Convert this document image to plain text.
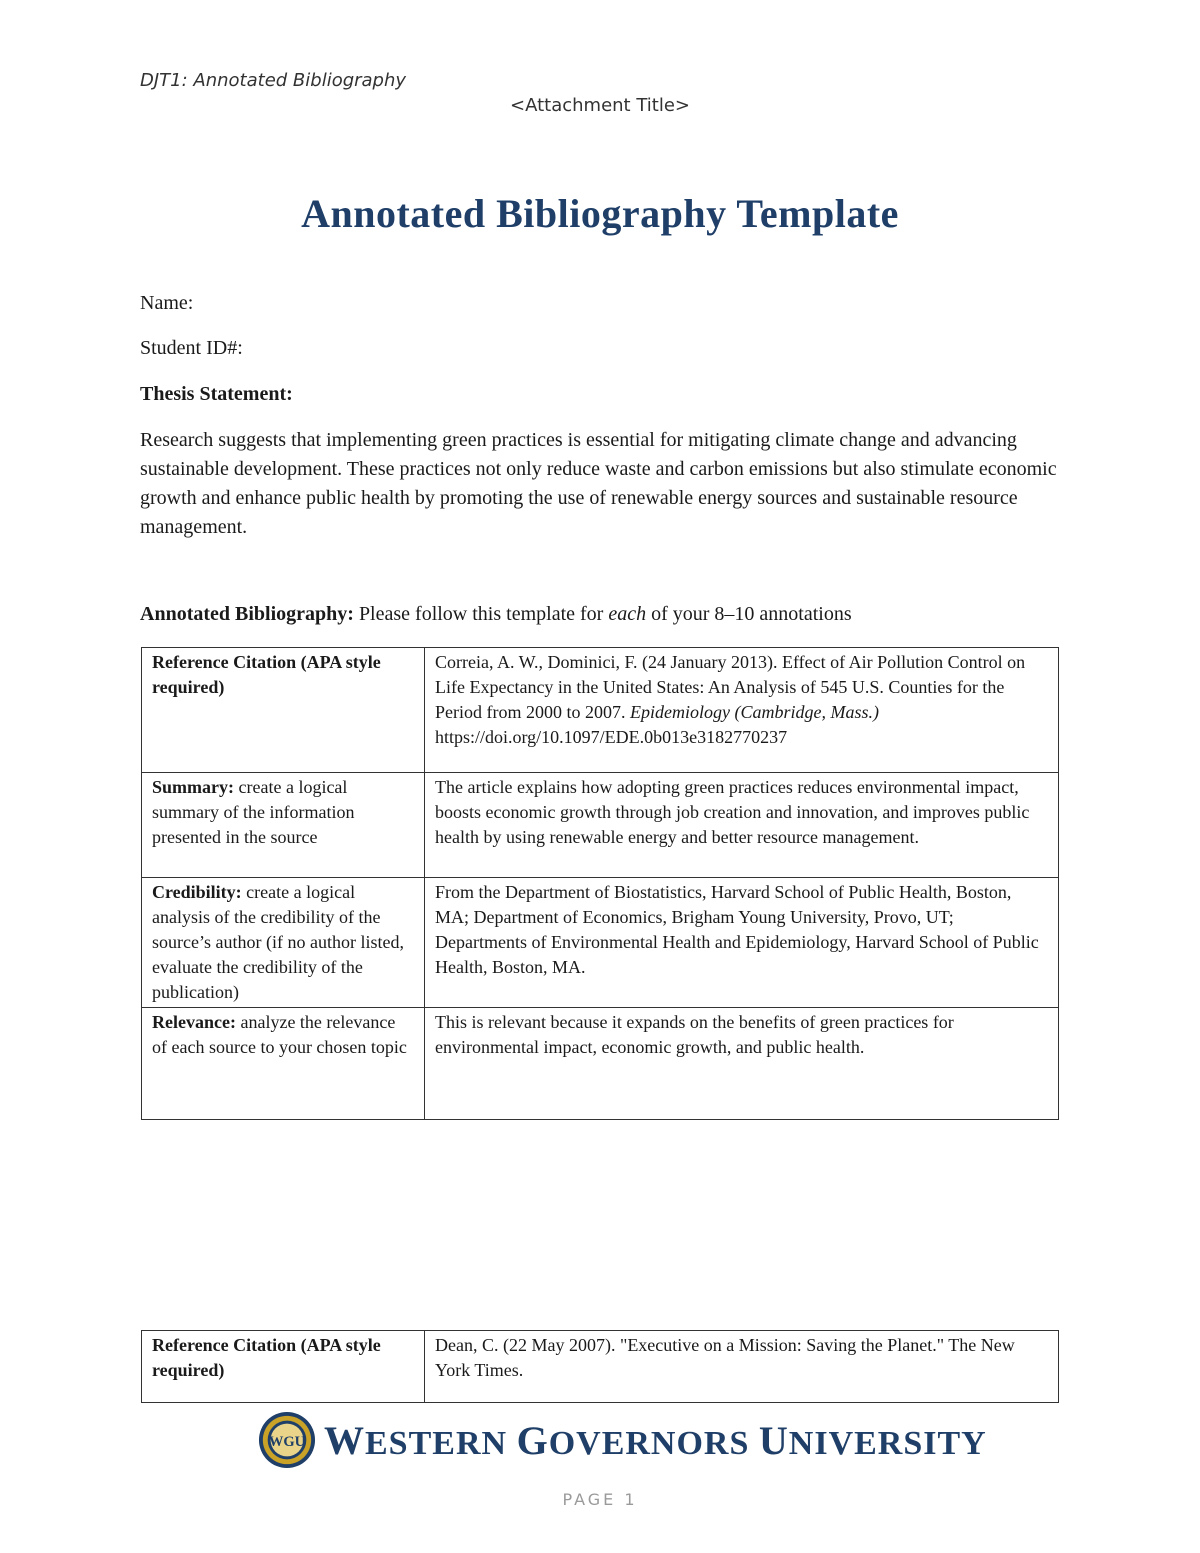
DJT1: Annotated Bibliography
<Attachment Title>
Annotated Bibliography Template
Name:
Student ID#:
Thesis Statement:
Research suggests that implementing green practices is essential for mitigating climate change and advancing sustainable development. These practices not only reduce waste and carbon emissions but also stimulate economic growth and enhance public health by promoting the use of renewable energy sources and sustainable resource management.
Annotated Bibliography: Please follow this template for each of your 8–10 annotations
Reference Citation (APA style required)	Correia, A. W., Dominici, F. (24 January 2013). Effect of Air Pollution Control on Life Expectancy in the United States: An Analysis of 545 U.S. Counties for the Period from 2000 to 2007. Epidemiology (Cambridge, Mass.) https://doi.org/10.1097/EDE.0b013e3182770237
Summary: create a logical summary of the information presented in the source	The article explains how adopting green practices reduces environmental impact, boosts economic growth through job creation and innovation, and improves public health by using renewable energy and better resource management.
Credibility: create a logical analysis of the credibility of the source’s author (if no author listed, evaluate the credibility of the publication)	From the Department of Biostatistics, Harvard School of Public Health, Boston, MA; Department of Economics, Brigham Young University, Provo, UT; Departments of Environmental Health and Epidemiology, Harvard School of Public Health, Boston, MA.
Relevance: analyze the relevance of each source to your chosen topic	This is relevant because it expands on the benefits of green practices for environmental impact, economic growth, and public health.
Reference Citation (APA style required)	Dean, C. (22 May 2007). "Executive on a Mission: Saving the Planet." The New York Times.
WGU WESTERN GOVERNORS UNIVERSITY
PAGE 1
